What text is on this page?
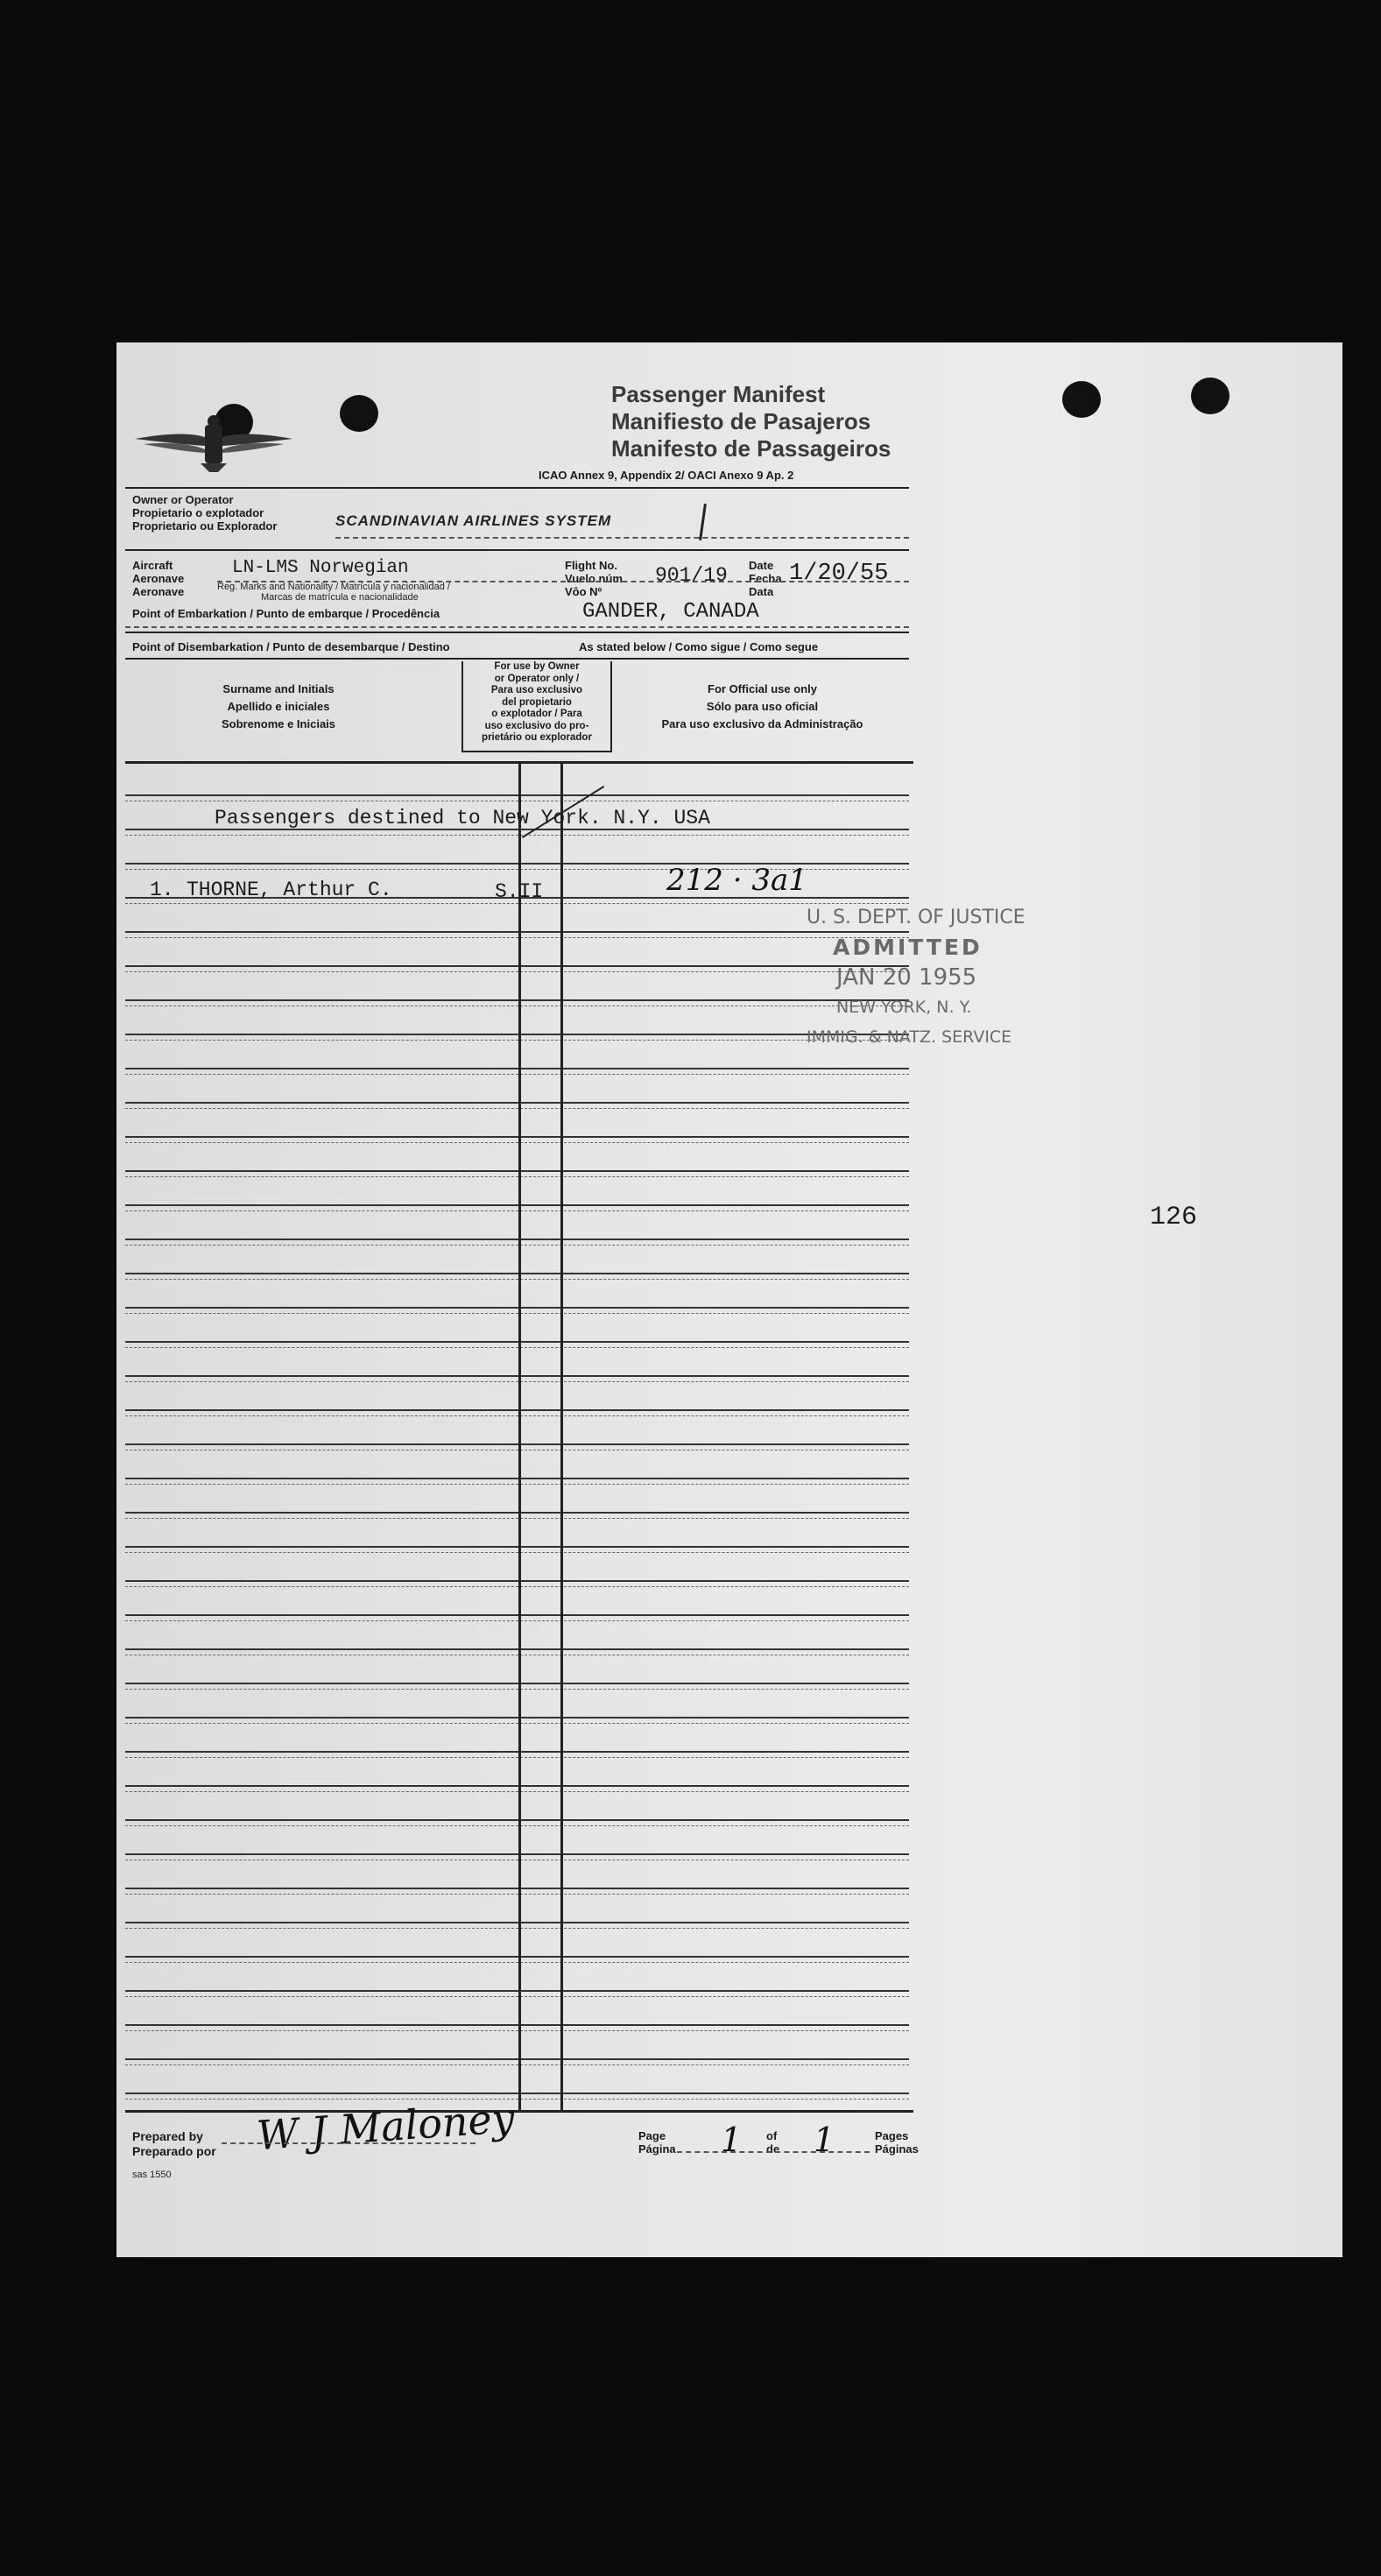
Passenger Manifest
Manifiesto de Pasajeros
Manifesto de Passageiros
ICAO Annex 9, Appendix 2/ OACI Anexo 9 Ap. 2
Owner or Operator
Propietario o explotador
Proprietario ou Explorador	SCANDINAVIAN AIRLINES SYSTEM
Aircraft
Aeronave
Aeronave
LN-LMS Norwegian
Reg. Marks and Nationality / Matrícula y nacionalidad /
Marcas de matrícula e nacionalidade
Flight No.
Vuelo núm.
Vôo Nº
901/19 Date
Fecha
Data
1/20/55
Point of Embarkation / Punto de embarque / Procedência	GANDER, CANADA
Point of Disembarkation / Punto de desembarque / Destino	As stated below / Como sigue / Como segue
Surname and Initials
Apellido e iniciales
Sobrenome e Iniciais
For use by Owner
or Operator only /
Para uso exclusivo
del propietario
o explotador / Para
uso exclusivo do pro-
prietário ou explorador
For Official use only
Sólo para uso oficial
Para uso exclusivo da Administração
Passengers destined to New York. N.Y. USA
1. THORNE, Arthur C.	S.II	212 · 3a1
U. S. DEPT. OF JUSTICE
ADMITTED
JAN 20 1955
NEW YORK, N. Y.
IMMIG. & NATZ. SERVICE
126
Prepared by
Preparado por W J Maloney
sas 1550
Page
Página 1 of
de 1	Pages
Páginas
